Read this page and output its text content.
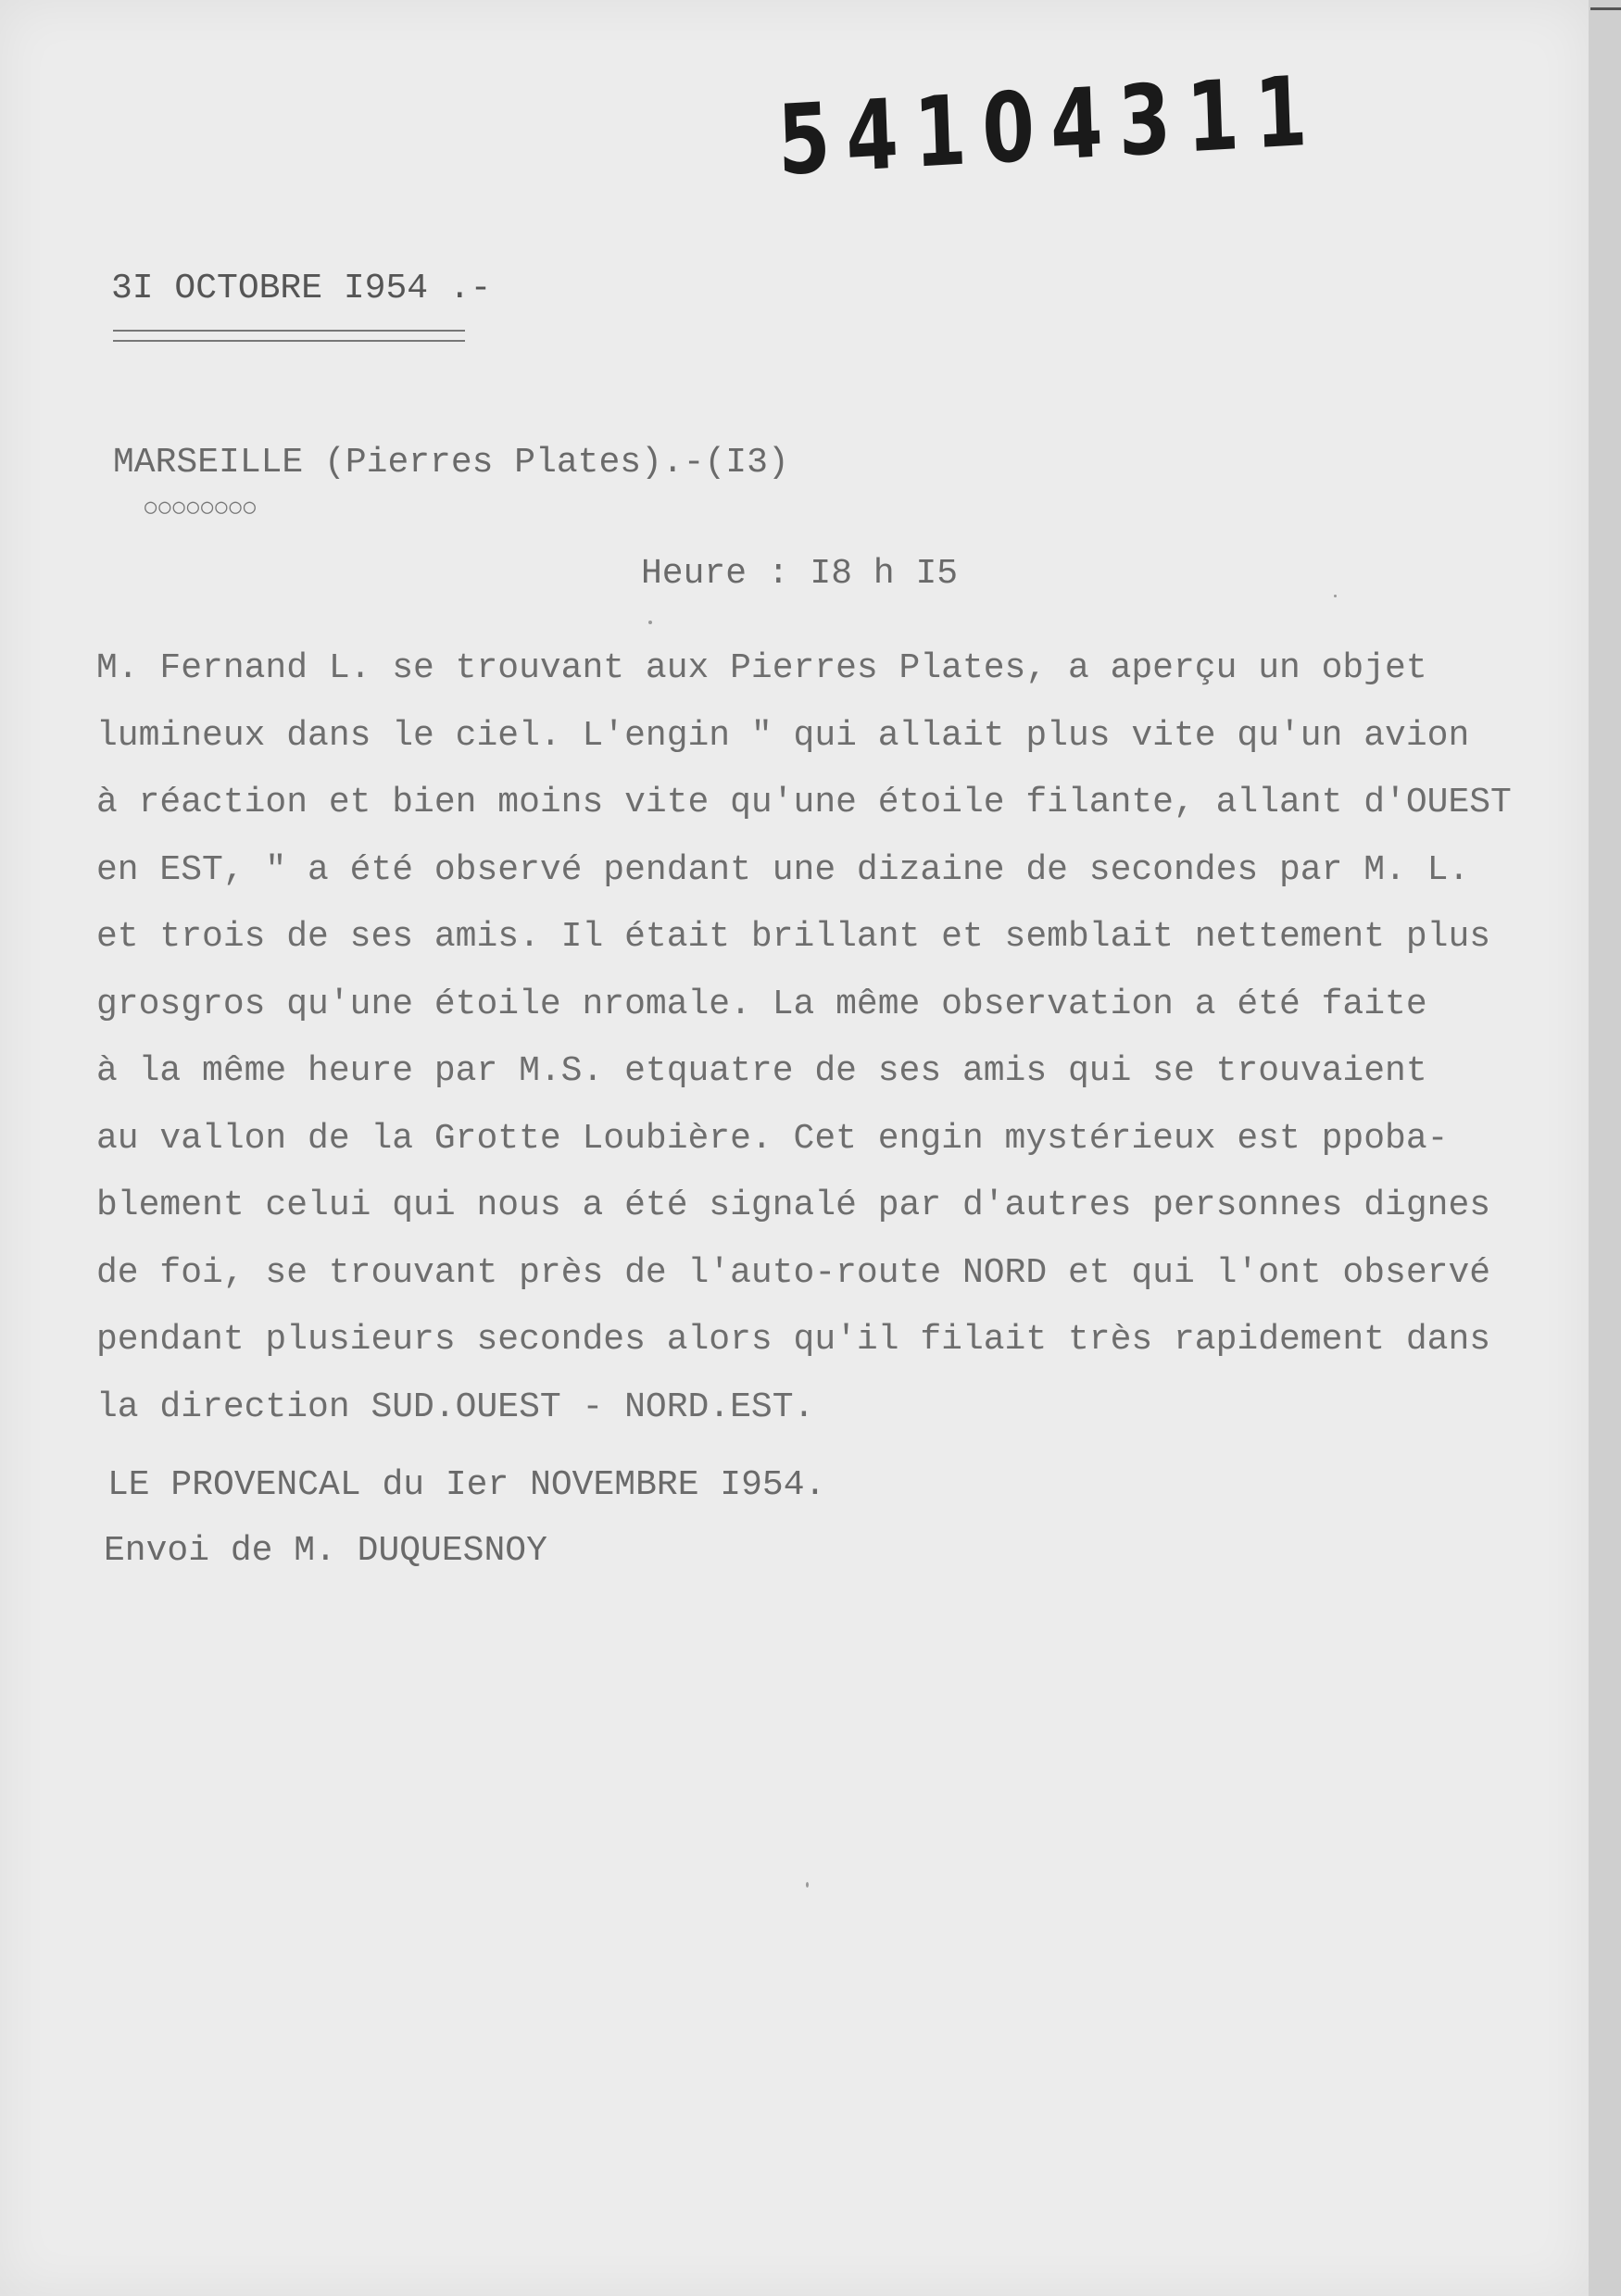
54104311
3I OCTOBRE I954 .-
MARSEILLE (Pierres Plates).-(I3)
○○○○○○○○
Heure : I8 h I5
M. Fernand L. se trouvant aux Pierres Plates, a aperçu un objet
lumineux dans le ciel. L'engin " qui allait plus vite qu'un avion
à réaction et bien moins vite qu'une étoile filante, allant d'OUEST
en EST, " a été observé pendant une dizaine de secondes par M. L.
et trois de ses amis. Il était brillant et semblait nettement plus
grosgros qu'une étoile nromale. La même observation a été faite
à la même heure par M.S. etquatre de ses amis qui se trouvaient
au vallon de la Grotte Loubière. Cet engin mystérieux est ppoba-
blement celui qui nous a été signalé par d'autres personnes dignes
de foi, se trouvant près de l'auto-route NORD et qui l'ont observé
pendant plusieurs secondes alors qu'il filait très rapidement dans
la direction SUD.OUEST - NORD.EST.
LE PROVENCAL du Ier NOVEMBRE I954.
Envoi de M. DUQUESNOY
